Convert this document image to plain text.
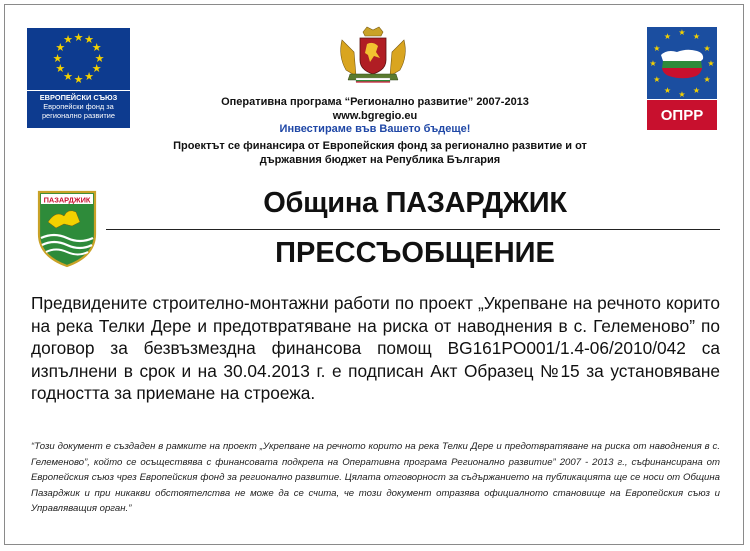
★ ★
★
★
★
★
★
★
★
★
★
★
ЕВРОПЕЙСКИ СЪЮЗ
Европейски фонд за регионално развитие
★ ★
★
★
★
★
★
★
★
★
★
★
ОПРР
Оперативна програма “Регионално развитие” 2007-2013
www.bgregio.eu
Инвестираме във Вашето бъдеще!
Проектът се финансира от Европейския фонд за регионално развитие и от
държавния бюджет на Република България
ПАЗАРДЖИК	Община ПАЗАРДЖИК
ПРЕССЪОБЩЕНИЕ
Предвидените строително-монтажни работи по проект „Укрепване на речното корито на река Телки Дере и предотвратяване на риска от наводнения в с. Гелеменово” по договор за безвъзмездна финансова помощ BG161PO001/1.4-06/2010/042 са изпълнени в срок и на 30.04.2013 г. е подписан Акт Образец №15 за установяване годността за приемане на строежа.
“Този документ е създаден в рамките на проект „Укрепване на речното корито на река Телки Дере и предотвратяване на риска от наводнения в с. Гелеменово”, който се осъществява с финансовата подкрепа на Оперативна програма Регионално развитие” 2007 - 2013 г., съфинансирана от Европейския съюз чрез Европейския фонд за регионално развитие. Цялата отговорност за съдържанието на публикацията ще се носи от Община Пазарджик и при никакви обстоятелства не може да се счита, че този документ отразява официалното становище на Европейския съюз и Управляващия орган.”
